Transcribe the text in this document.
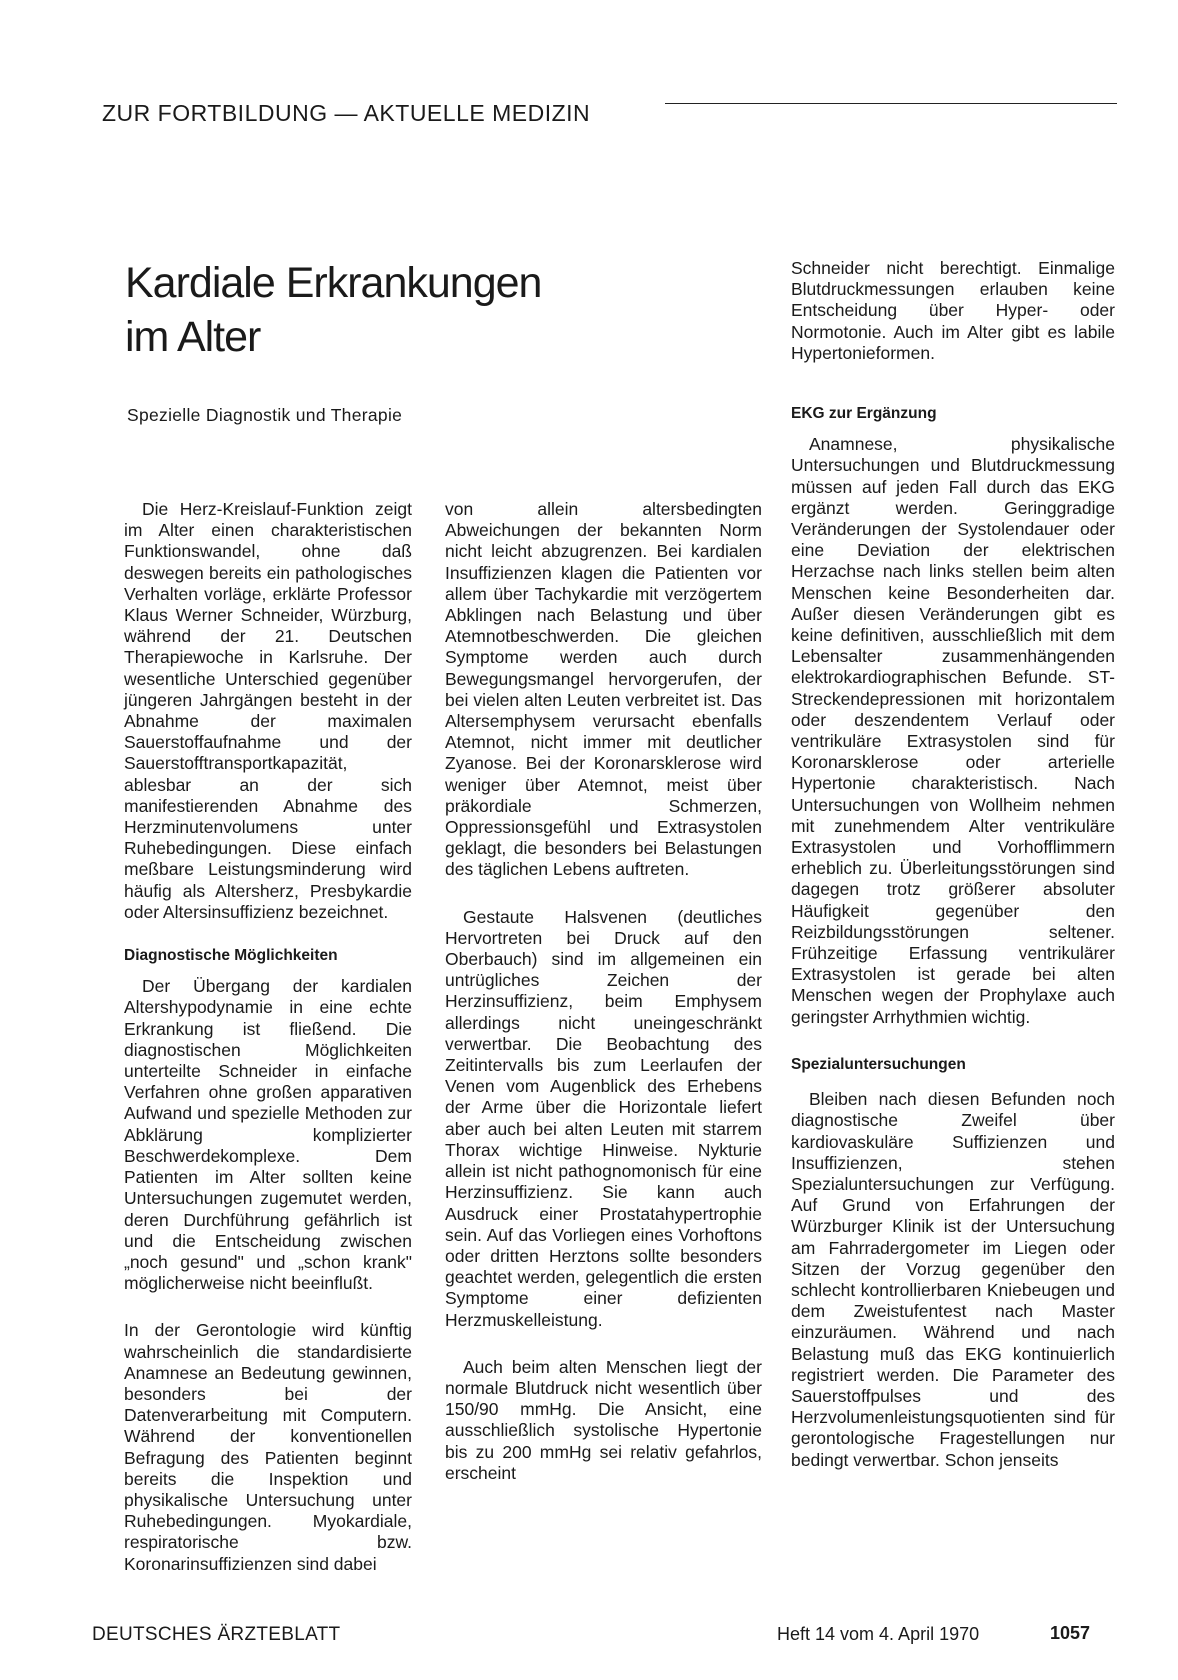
ZUR FORTBILDUNG — AKTUELLE MEDIZIN
Kardiale Erkrankungen
im Alter
Spezielle Diagnostik und Therapie

Die Herz-Kreislauf-Funktion zeigt im Alter einen charakteristischen Funktionswandel, ohne daß deswegen bereits ein pathologisches Verhalten vorläge, erklärte Professor Klaus Werner Schneider, Würzburg, während der 21. Deutschen Therapiewoche in Karlsruhe. Der wesentliche Unterschied gegenüber jüngeren Jahrgängen besteht in der Abnahme der maximalen Sauerstoffaufnahme und der Sauerstofftransportkapazität, ablesbar an der sich manifestierenden Abnahme des Herzminutenvolumens unter Ruhebedingungen. Diese einfach meßbare Leistungsminderung wird häufig als Altersherz, Presbykardie oder Altersinsuffizienz bezeichnet.

Diagnostische Möglichkeiten

Der Übergang der kardialen Altershypodynamie in eine echte Erkrankung ist fließend. Die diagnostischen Möglichkeiten unterteilte Schneider in einfache Verfahren ohne großen apparativen Aufwand und spezielle Methoden zur Abklärung komplizierter Beschwerdekomplexe. Dem Patienten im Alter sollten keine Untersuchungen zugemutet werden, deren Durchführung gefährlich ist und die Entscheidung zwischen „noch gesund" und „schon krank" möglicherweise nicht beeinflußt.

In der Gerontologie wird künftig wahrscheinlich die standardisierte Anamnese an Bedeutung gewinnen, besonders bei der Datenverarbeitung mit Computern. Während der konventionellen Befragung des Patienten beginnt bereits die Inspektion und physikalische Untersuchung unter Ruhebedingungen. Myokardiale, respiratorische bzw. Koronarinsuffizienzen sind dabei

von allein altersbedingten Abweichungen der bekannten Norm nicht leicht abzugrenzen. Bei kardialen Insuffizienzen klagen die Patienten vor allem über Tachykardie mit verzögertem Abklingen nach Belastung und über Atemnotbeschwerden. Die gleichen Symptome werden auch durch Bewegungsmangel hervorgerufen, der bei vielen alten Leuten verbreitet ist. Das Altersemphysem verursacht ebenfalls Atemnot, nicht immer mit deutlicher Zyanose. Bei der Koronarsklerose wird weniger über Atemnot, meist über präkordiale Schmerzen, Oppressionsgefühl und Extrasystolen geklagt, die besonders bei Belastungen des täglichen Lebens auftreten.

Gestaute Halsvenen (deutliches Hervortreten bei Druck auf den Oberbauch) sind im allgemeinen ein untrügliches Zeichen der Herzinsuffizienz, beim Emphysem allerdings nicht uneingeschränkt verwertbar. Die Beobachtung des Zeitintervalls bis zum Leerlaufen der Venen vom Augenblick des Erhebens der Arme über die Horizontale liefert aber auch bei alten Leuten mit starrem Thorax wichtige Hinweise. Nykturie allein ist nicht pathognomonisch für eine Herzinsuffizienz. Sie kann auch Ausdruck einer Prostatahypertrophie sein. Auf das Vorliegen eines Vorhoftons oder dritten Herztons sollte besonders geachtet werden, gelegentlich die ersten Symptome einer defizienten Herzmuskelleistung.

Auch beim alten Menschen liegt der normale Blutdruck nicht wesentlich über 150/90 mmHg. Die Ansicht, eine ausschließlich systolische Hypertonie bis zu 200 mmHg sei relativ gefahrlos, erscheint

Schneider nicht berechtigt. Einmalige Blutdruckmessungen erlauben keine Entscheidung über Hyper- oder Normotonie. Auch im Alter gibt es labile Hypertonieformen.

EKG zur Ergänzung

Anamnese, physikalische Untersuchungen und Blutdruckmessung müssen auf jeden Fall durch das EKG ergänzt werden. Geringgradige Veränderungen der Systolendauer oder eine Deviation der elektrischen Herzachse nach links stellen beim alten Menschen keine Besonderheiten dar. Außer diesen Veränderungen gibt es keine definitiven, ausschließlich mit dem Lebensalter zusammenhängenden elektrokardiographischen Befunde. ST-Streckendepressionen mit horizontalem oder deszendentem Verlauf oder ventrikuläre Extrasystolen sind für Koronarsklerose oder arterielle Hypertonie charakteristisch. Nach Untersuchungen von Wollheim nehmen mit zunehmendem Alter ventrikuläre Extrasystolen und Vorhofflimmern erheblich zu. Überleitungsstörungen sind dagegen trotz größerer absoluter Häufigkeit gegenüber den Reizbildungsstörungen seltener. Frühzeitige Erfassung ventrikulärer Extrasystolen ist gerade bei alten Menschen wegen der Prophylaxe auch geringster Arrhythmien wichtig.

Spezialuntersuchungen

Bleiben nach diesen Befunden noch diagnostische Zweifel über kardiovaskuläre Suffizienzen und Insuffizienzen, stehen Spezialuntersuchungen zur Verfügung. Auf Grund von Erfahrungen der Würzburger Klinik ist der Untersuchung am Fahrradergometer im Liegen oder Sitzen der Vorzug gegenüber den schlecht kontrollierbaren Kniebeugen und dem Zweistufentest nach Master einzuräumen. Während und nach Belastung muß das EKG kontinuierlich registriert werden. Die Parameter des Sauerstoffpulses und des Herzvolumenleistungsquotienten sind für gerontologische Fragestellungen nur bedingt verwertbar. Schon jenseits

DEUTSCHES ÄRZTEBLATT	Heft 14 vom 4. April 1970	1057
